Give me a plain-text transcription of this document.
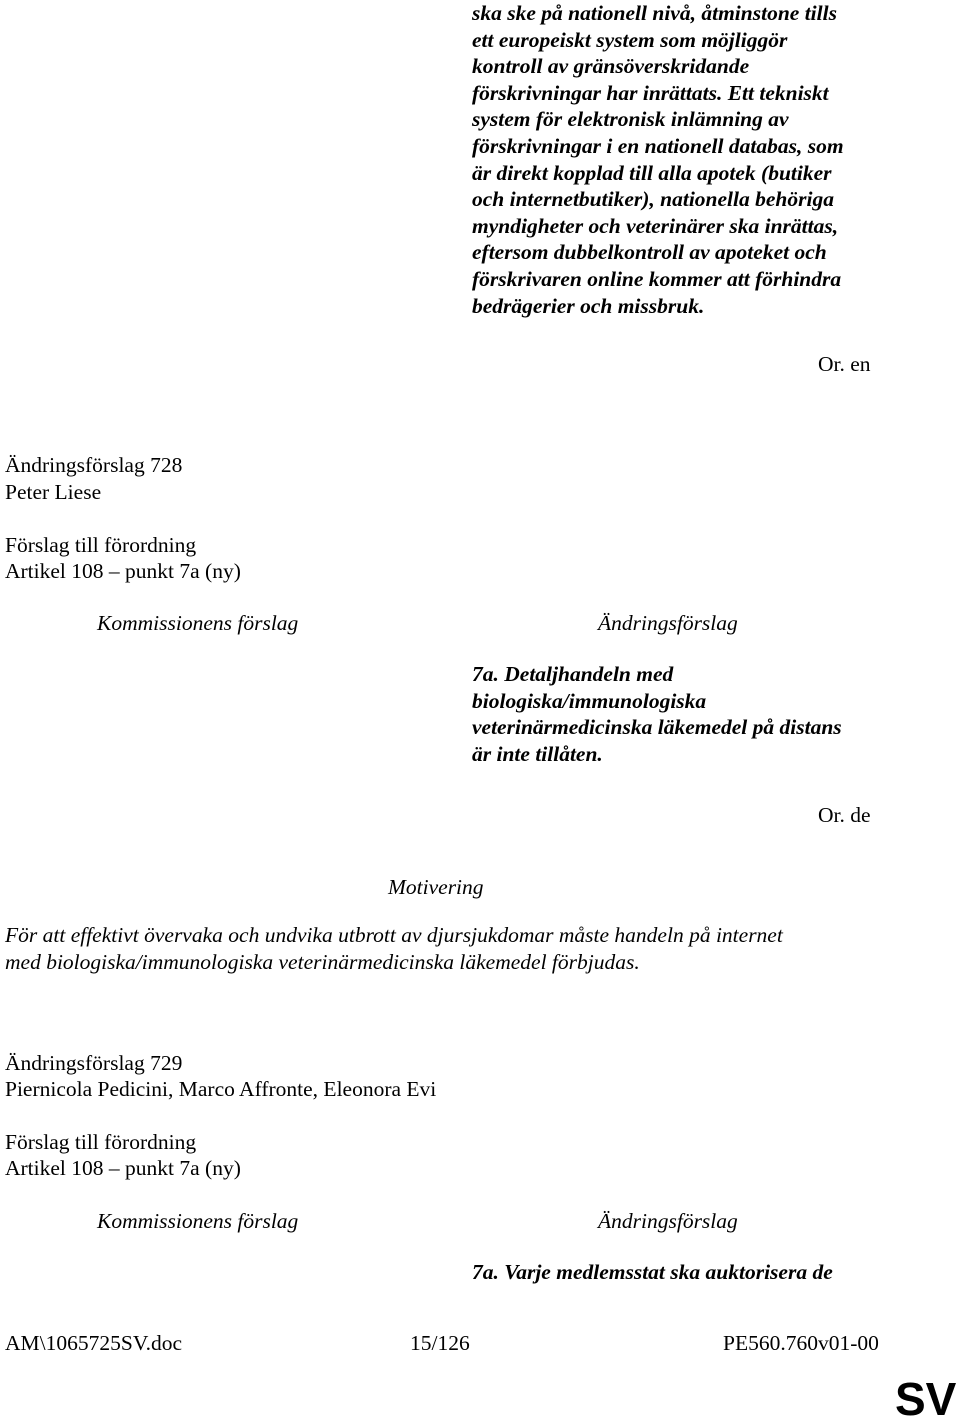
ska ske på nationell nivå, åtminstone tills
ett europeiskt system som möjliggör
kontroll av gränsöverskridande
förskrivningar har inrättats. Ett tekniskt
system för elektronisk inlämning av
förskrivningar i en nationell databas, som
är direkt kopplad till alla apotek (butiker
och internetbutiker), nationella behöriga
myndigheter och veterinärer ska inrättas,
eftersom dubbelkontroll av apoteket och
förskrivaren online kommer att förhindra
bedrägerier och missbruk.
Or. en
Ändringsförslag 728
Peter Liese
Förslag till förordning
Artikel 108 – punkt 7a (ny)
Kommissionens förslag	Ändringsförslag
7a. Detaljhandeln med
biologiska/immunologiska
veterinärmedicinska läkemedel på distans
är inte tillåten.
Or. de
Motivering
För att effektivt övervaka och undvika utbrott av djursjukdomar måste handeln på internet
med biologiska/immunologiska veterinärmedicinska läkemedel förbjudas.
Ändringsförslag 729
Piernicola Pedicini, Marco Affronte, Eleonora Evi
Förslag till förordning
Artikel 108 – punkt 7a (ny)
Kommissionens förslag	Ändringsförslag
7a. Varje medlemsstat ska auktorisera de
AM\1065725SV.doc	15/126	PE560.760v01-00
SV
